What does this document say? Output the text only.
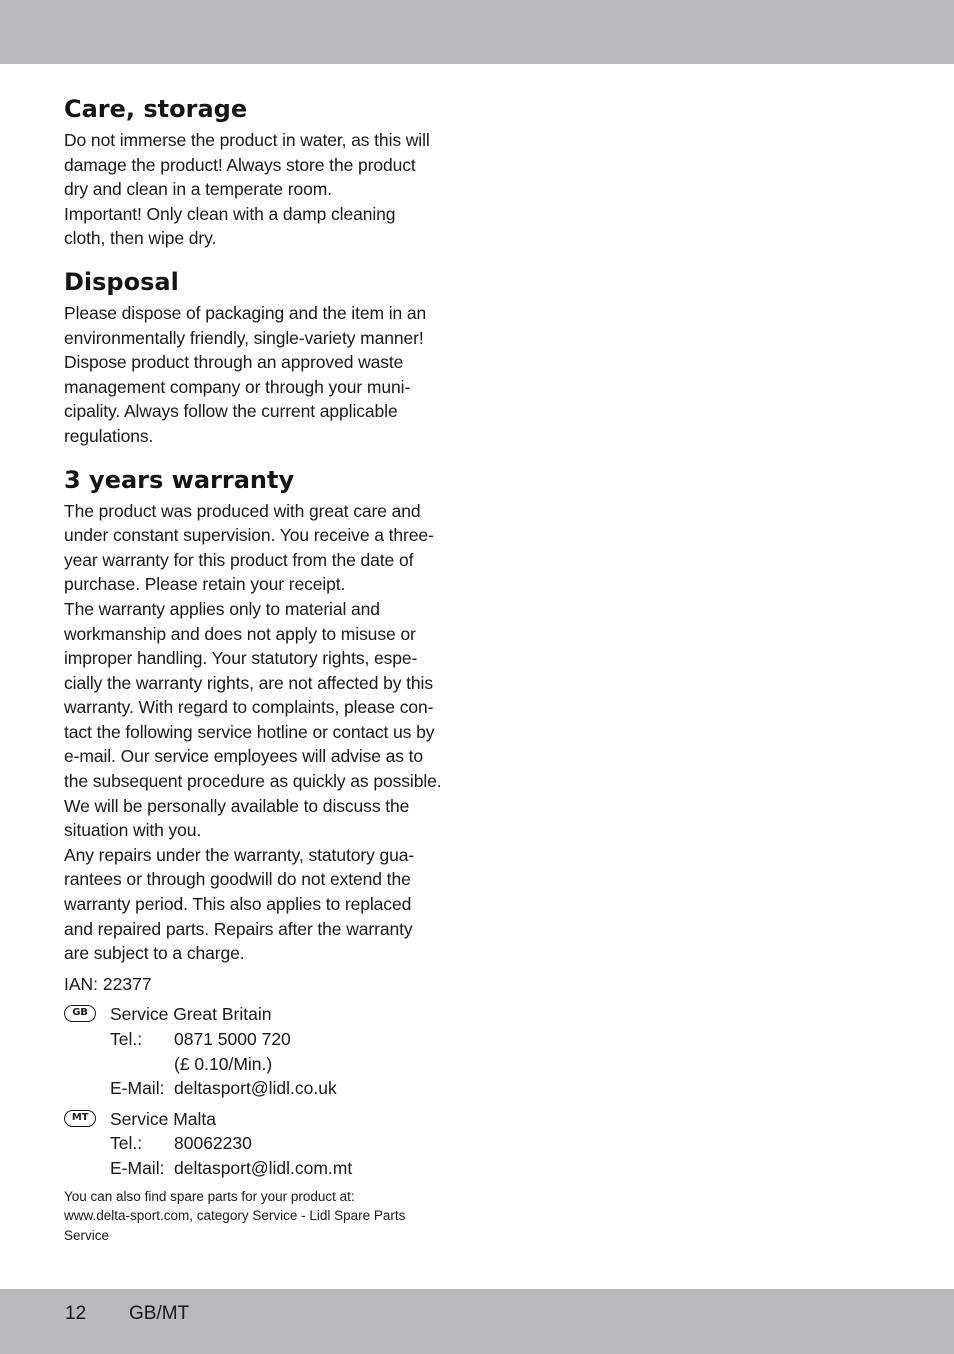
Care, storage
Do not immerse the product in water, as this will
damage the product! Always store the product
dry and clean in a temperate room.
Important! Only clean with a damp cleaning
cloth, then wipe dry.
Disposal
Please dispose of packaging and the item in an
environmentally friendly, single-variety manner!
Dispose product through an approved waste
management company or through your muni-
cipality. Always follow the current applicable
regulations.
3 years warranty
The product was produced with great care and
under constant supervision. You receive a three-
year warranty for this product from the date of
purchase. Please retain your receipt.
The warranty applies only to material and
workmanship and does not apply to misuse or
improper handling. Your statutory rights, espe-
cially the warranty rights, are not affected by this
warranty. With regard to complaints, please con-
tact the following service hotline or contact us by
e-mail. Our service employees will advise as to
the subsequent procedure as quickly as possible.
We will be personally available to discuss the
situation with you.
Any repairs under the warranty, statutory gua-
rantees or through goodwill do not extend the
warranty period. This also applies to replaced
and repaired parts. Repairs after the warranty
are subject to a charge.
IAN: 22377
GB	Service Great Britain
Tel.:	0871 5000 720
(£ 0.10/Min.)
E-Mail: deltasport@lidl.co.uk
MT	Service Malta
Tel.:	80062230
E-Mail: deltasport@lidl.com.mt
You can also find spare parts for your product at:
www.delta-sport.com, category Service - Lidl Spare Parts
Service
12 GB/MT
